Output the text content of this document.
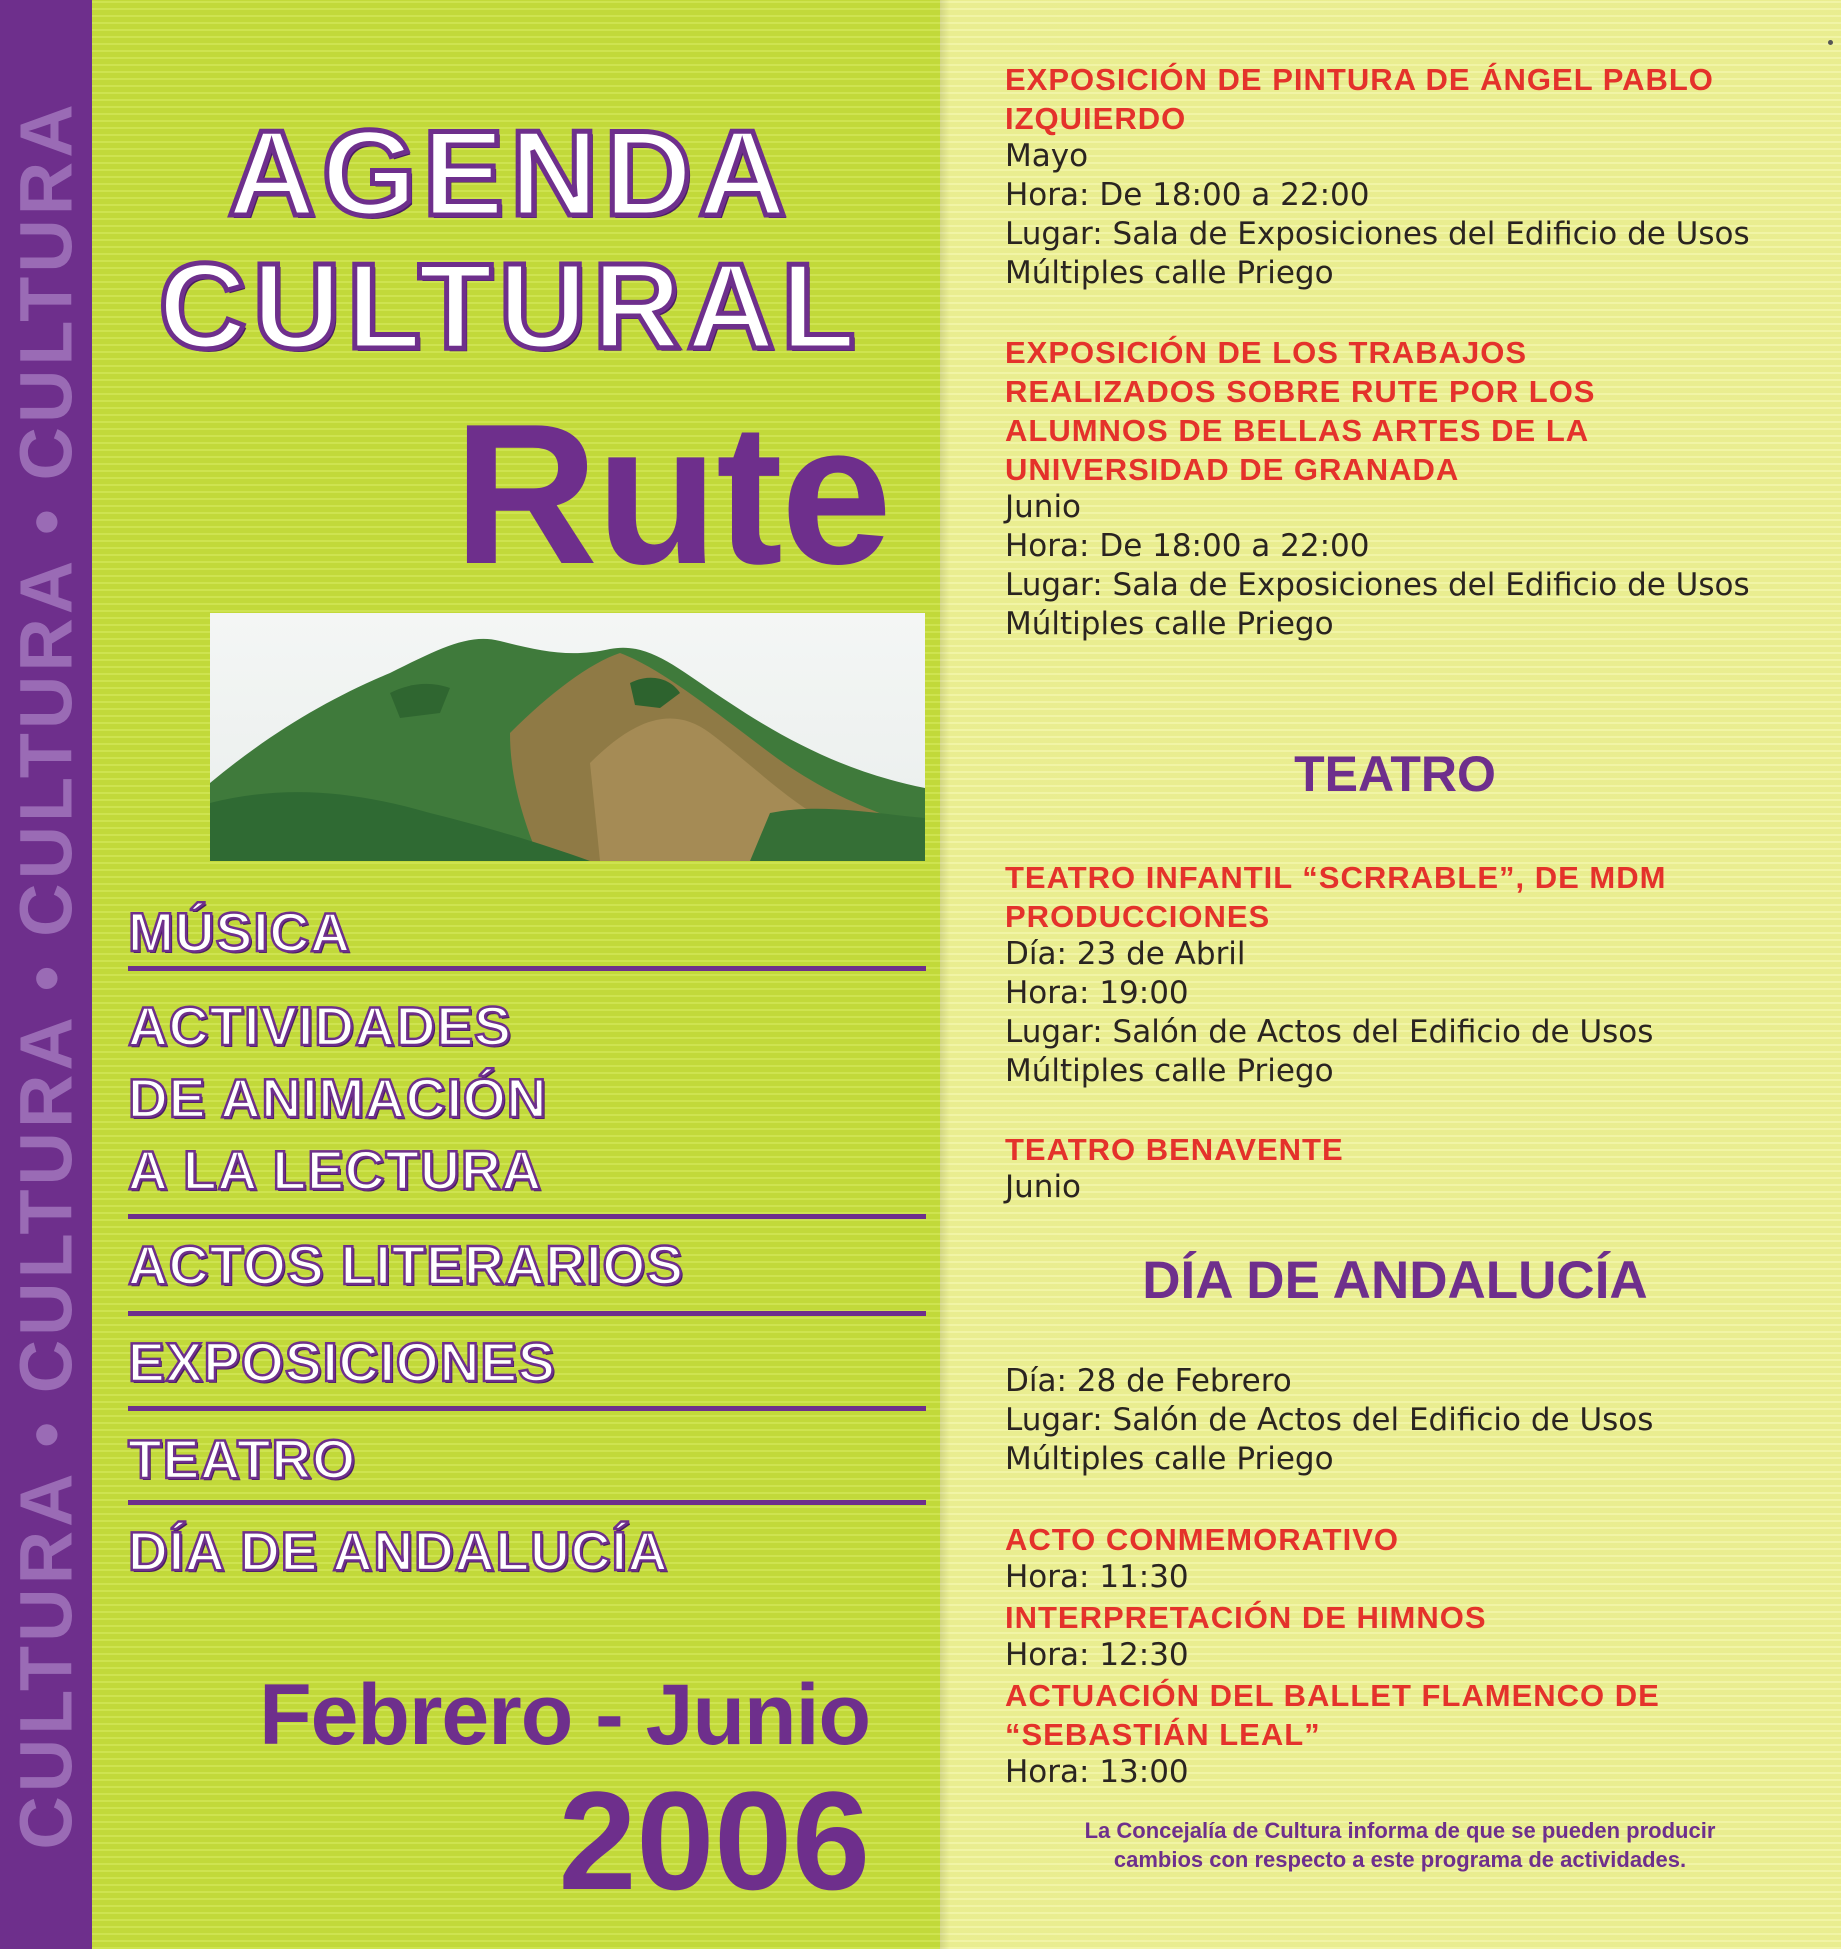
CULTURA • CULTURA • CULTURA • CULTURA	AGENDA
CULTURAL
Rute
MÚSICA
ACTIVIDADES
DE ANIMACIÓN
A LA LECTURA
ACTOS LITERARIOS
EXPOSICIONES
TEATRO
DÍA DE ANDALUCÍA
Febrero - Junio
2006
EXPOSICIÓN DE PINTURA DE ÁNGEL PABLO
IZQUIERDO
Mayo
Hora: De 18:00 a 22:00
Lugar: Sala de Exposiciones del Edificio de Usos
Múltiples calle Priego
EXPOSICIÓN DE LOS TRABAJOS
REALIZADOS SOBRE RUTE POR LOS
ALUMNOS DE BELLAS ARTES DE LA
UNIVERSIDAD DE GRANADA
Junio
Hora: De 18:00 a 22:00
Lugar: Sala de Exposiciones del Edificio de Usos
Múltiples calle Priego
TEATRO
TEATRO INFANTIL “SCRRABLE”, DE MDM
PRODUCCIONES
Día: 23 de Abril
Hora: 19:00
Lugar: Salón de Actos del Edificio de Usos
Múltiples calle Priego
TEATRO BENAVENTE
Junio
DÍA DE ANDALUCÍA
Día: 28 de Febrero
Lugar: Salón de Actos del Edificio de Usos
Múltiples calle Priego
ACTO CONMEMORATIVO
Hora: 11:30
INTERPRETACIÓN DE HIMNOS
Hora: 12:30
ACTUACIÓN DEL BALLET FLAMENCO DE
“SEBASTIÁN LEAL”
Hora: 13:00
La Concejalía de Cultura informa de que se pueden producir
cambios con respecto a este programa de actividades.
